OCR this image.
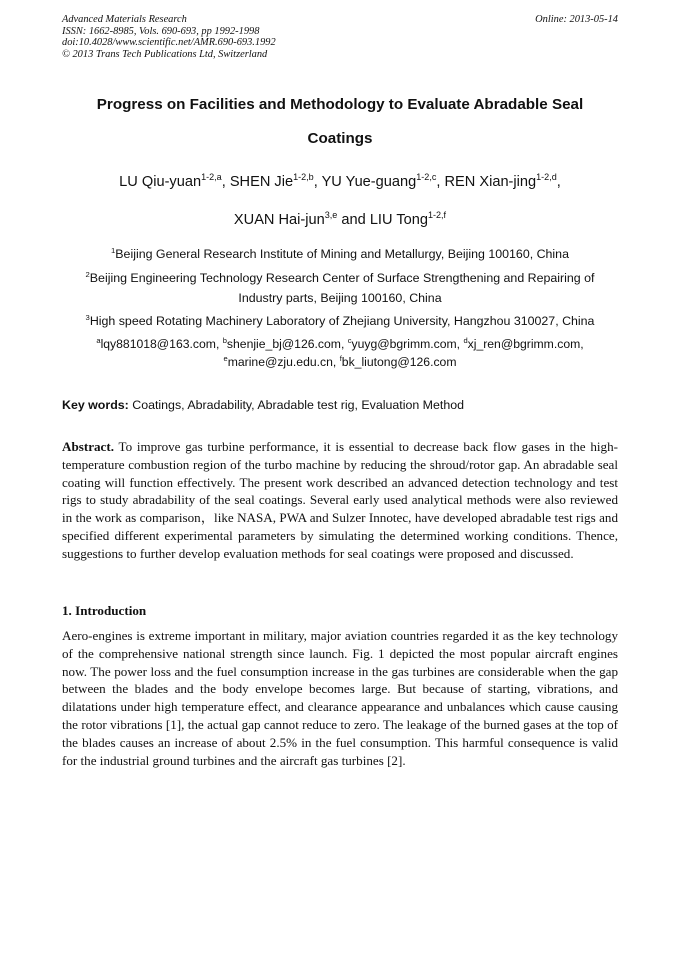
Advanced Materials Research
ISSN: 1662-8985, Vols. 690-693, pp 1992-1998
doi:10.4028/www.scientific.net/AMR.690-693.1992
© 2013 Trans Tech Publications Ltd, Switzerland
Online: 2013-05-14
Progress on Facilities and Methodology to Evaluate Abradable Seal
Coatings
LU Qiu-yuan$^{1-2,a}$, SHEN Jie$^{1-2,b}$, YU Yue-guang$^{1-2,c}$, REN Xian-jing$^{1-2,d}$,
XUAN Hai-jun$^{3,e}$ and LIU Tong$^{1-2,f}$
$^1$Beijing General Research Institute of Mining and Metallurgy, Beijing 100160, China
$^2$Beijing Engineering Technology Research Center of Surface Strengthening and Repairing of
Industry parts, Beijing 100160, China
$^3$High speed Rotating Machinery Laboratory of Zhejiang University, Hangzhou 310027, China
$^a$lqy881018@163.com, $^b$shenjie_bj@126.com, $^c$yuyg@bgrimm.com, $^d$xj_ren@bgrimm.com,
$^e$marine@zju.edu.cn, $^f$bk_liutong@126.com
Key words: Coatings, Abradability, Abradable test rig, Evaluation Method
Abstract. To improve gas turbine performance, it is essential to decrease back flow gases in the high-temperature combustion region of the turbo machine by reducing the shroud/rotor gap. An abradable seal coating will function effectively. The present work described an advanced detection technology and test rigs to study abradability of the seal coatings. Several early used analytical methods were also reviewed in the work as comparison，like NASA, PWA and Sulzer Innotec, have developed abradable test rigs and specified different experimental parameters by simulating the determined working conditions. Thence, suggestions to further develop evaluation methods for seal coatings were proposed and discussed.
1. Introduction
Aero-engines is extreme important in military, major aviation countries regarded it as the key technology of the comprehensive national strength since launch. Fig. 1 depicted the most popular aircraft engines now. The power loss and the fuel consumption increase in the gas turbines are considerable when the gap between the blades and the body envelope becomes large. But because of starting, vibrations, and dilatations under high temperature effect, and clearance appearance and unbalances which cause causing the rotor vibrations [1], the actual gap cannot reduce to zero. The leakage of the burned gases at the top of the blades causes an increase of about 2.5% in the fuel consumption. This harmful consequence is valid for the industrial ground turbines and the aircraft gas turbines [2].
